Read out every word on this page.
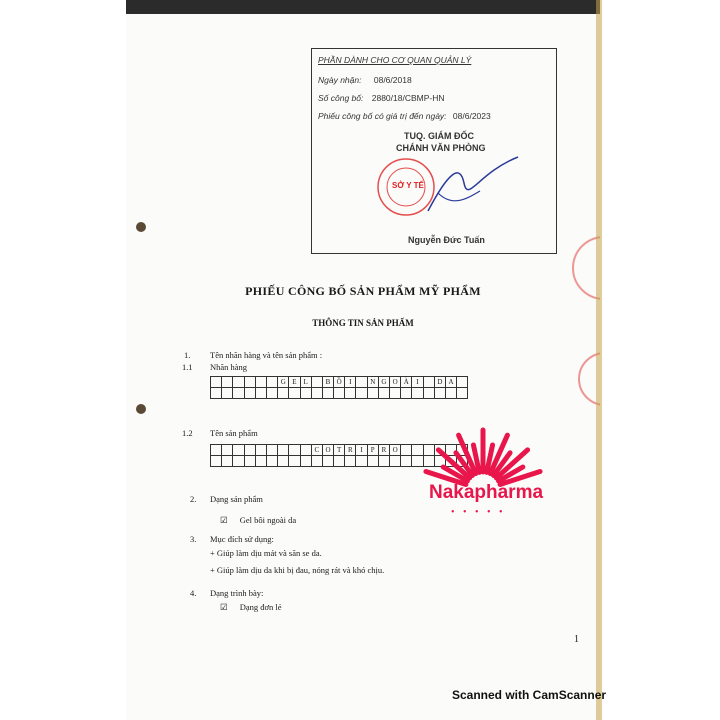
PHẦN DÀNH CHO CƠ QUAN QUẢN LÝ
Ngày nhận: 08/6/2018
Số công bố: 2880/18/CBMP-HN
Phiếu công bố có giá trị đến ngày: 08/6/2023
TUQ. GIÁM ĐỐC
CHÁNH VĂN PHÒNG
SỞ Y TẾ
Nguyễn Đức Tuấn
PHIẾU CÔNG BỐ SẢN PHẨM MỸ PHẨM
THÔNG TIN SẢN PHẨM
1. Tên nhãn hàng và tên sản phẩm :
1.1 Nhãn hàng
G E L	B Ồ	I	N G O À	I	D A
1.2 Tên sản phẩm
C O T R	I	P R O
2. Dạng sản phẩm
☑ Gel bôi ngoài da
3. Mục đích sử dụng:
+ Giúp làm dịu mát và săn se da.
+ Giúp làm dịu da khi bị đau, nóng rát và khó chịu.
4. Dạng trình bày:
☑ Dạng đơn lẻ
1
Nakapharma
• • • • •
Scanned with CamScanner
